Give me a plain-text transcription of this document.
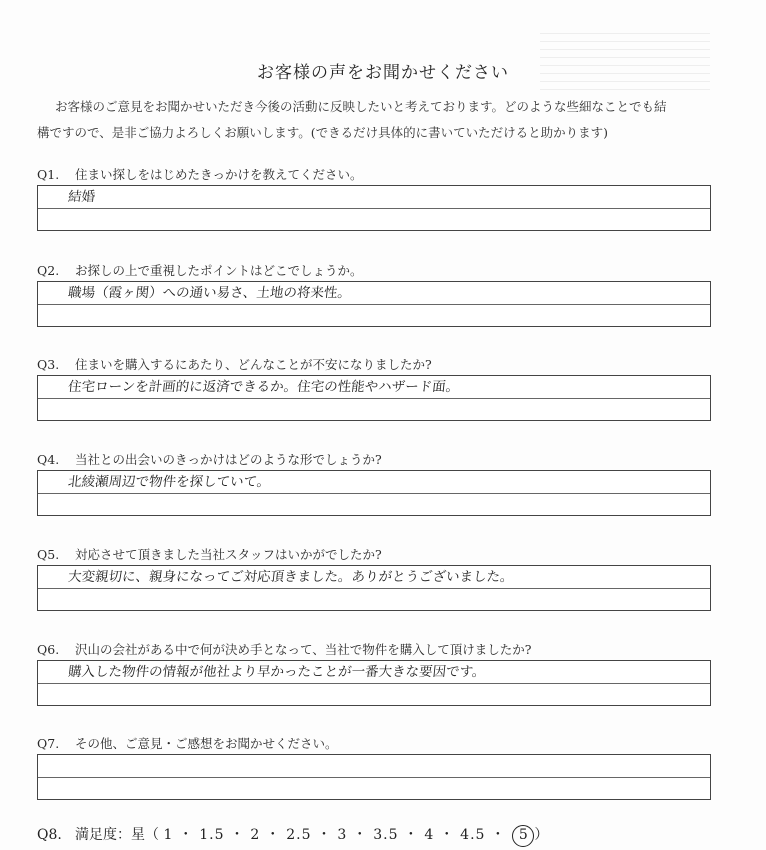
お客様の声をお聞かせください
お客様のご意見をお聞かせいただき今後の活動に反映したいと考えております。どのような些細なことでも結
構ですので、是非ご協力よろしくお願いします。(できるだけ具体的に書いていただけると助かります)
Q1. 住まい探しをはじめたきっかけを教えてください。
結婚
Q2. お探しの上で重視したポイントはどこでしょうか。
職場（霞ヶ関）への通い易さ、土地の将来性。
Q3. 住まいを購入するにあたり、どんなことが不安になりましたか?
住宅ローンを計画的に返済できるか。住宅の性能やハザード面。
Q4. 当社との出会いのきっかけはどのような形でしょうか?
北綾瀬周辺で物件を探していて。
Q5. 対応させて頂きました当社スタッフはいかがでしたか?
大変親切に、親身になってご対応頂きました。ありがとうございました。
Q6. 沢山の会社がある中で何が決め手となって、当社で物件を購入して頂けましたか?
購入した物件の情報が他社より早かったことが一番大きな要因です。
Q7. その他、ご意見・ご感想をお聞かせください。
Q8. 満足度：星（ 1 ・ 1.5 ・ 2 ・ 2.5 ・ 3 ・ 3.5 ・ 4 ・ 4.5 ・ 5 ）
